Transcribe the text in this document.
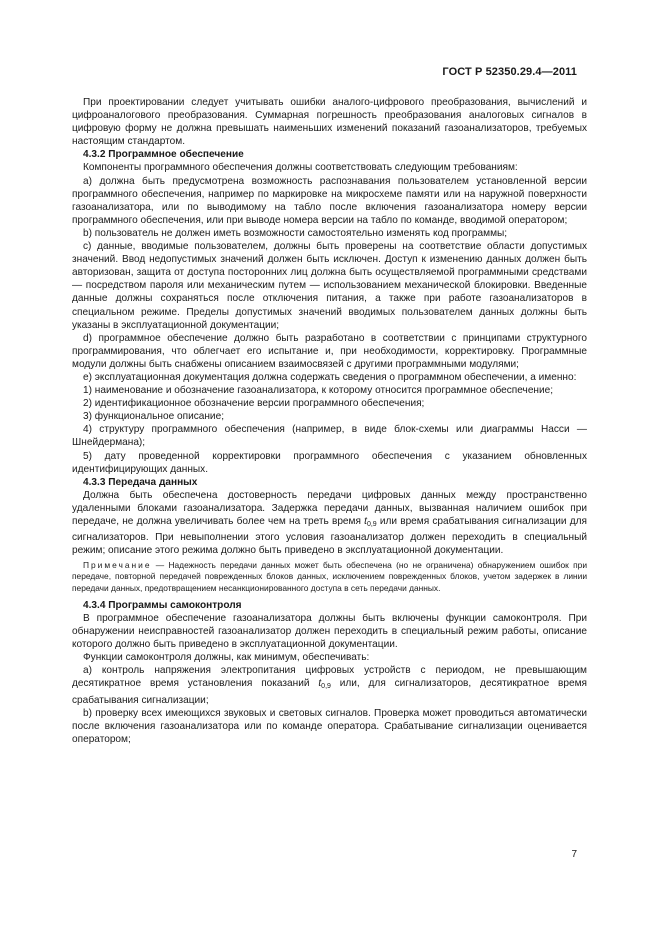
ГОСТ Р 52350.29.4—2011

При проектировании следует учитывать ошибки аналого-цифрового преобразования, вычислений и цифроаналогового преобразования. Суммарная погрешность преобразования аналоговых сигналов в цифровую форму не должна превышать наименьших изменений показаний газоанализаторов, требуемых настоящим стандартом.

4.3.2 Программное обеспечение

Компоненты программного обеспечения должны соответствовать следующим требованиям:

а) должна быть предусмотрена возможность распознавания пользователем установленной версии программного обеспечения, например по маркировке на микросхеме памяти или на наружной поверхности газоанализатора, или по выводимому на табло после включения газоанализатора номеру версии программного обеспечения, или при выводе номера версии на табло по команде, вводимой оператором;

b) пользователь не должен иметь возможности самостоятельно изменять код программы;

c) данные, вводимые пользователем, должны быть проверены на соответствие области допустимых значений. Ввод недопустимых значений должен быть исключен. Доступ к изменению данных должен быть авторизован, защита от доступа посторонних лиц должна быть осуществляемой программными средствами — посредством пароля или механическим путем — использованием механической блокировки. Введенные данные должны сохраняться после отключения питания, а также при работе газоанализаторов в специальном режиме. Пределы допустимых значений вводимых пользователем данных должны быть указаны в эксплуатационной документации;

d) программное обеспечение должно быть разработано в соответствии с принципами структурного программирования, что облегчает его испытание и, при необходимости, корректировку. Программные модули должны быть снабжены описанием взаимосвязей с другими программными модулями;

e) эксплуатационная документация должна содержать сведения о программном обеспечении, а именно:

1) наименование и обозначение газоанализатора, к которому относится программное обеспечение;

2) идентификационное обозначение версии программного обеспечения;

3) функциональное описание;

4) структуру программного обеспечения (например, в виде блок-схемы или диаграммы Насси — Шнейдермана);

5) дату проведенной корректировки программного обеспечения с указанием обновленных идентифицирующих данных.

4.3.3 Передача данных

Должна быть обеспечена достоверность передачи цифровых данных между пространственно удаленными блоками газоанализатора. Задержка передачи данных, вызванная наличием ошибок при передаче, не должна увеличивать более чем на треть время $t_{0,9}$ или время срабатывания сигнализации для сигнализаторов. При невыполнении этого условия газоанализатор должен переходить в специальный режим; описание этого режима должно быть приведено в эксплуатационной документации.

Примечание — Надежность передачи данных может быть обеспечена (но не ограничена) обнаружением ошибок при передаче, повторной передачей поврежденных блоков данных, исключением поврежденных блоков, учетом задержек в линии передачи данных, предотвращением несанкционированного доступа в сеть передачи данных.

4.3.4 Программы самоконтроля

В программное обеспечение газоанализатора должны быть включены функции самоконтроля. При обнаружении неисправностей газоанализатор должен переходить в специальный режим работы, описание которого должно быть приведено в эксплуатационной документации.

Функции самоконтроля должны, как минимум, обеспечивать:

а) контроль напряжения электропитания цифровых устройств с периодом, не превышающим десятикратное время установления показаний $t_{0,9}$ или, для сигнализаторов, десятикратное время срабатывания сигнализации;

b) проверку всех имеющихся звуковых и световых сигналов. Проверка может проводиться автоматически после включения газоанализатора или по команде оператора. Срабатывание сигнализации оценивается оператором;

7
